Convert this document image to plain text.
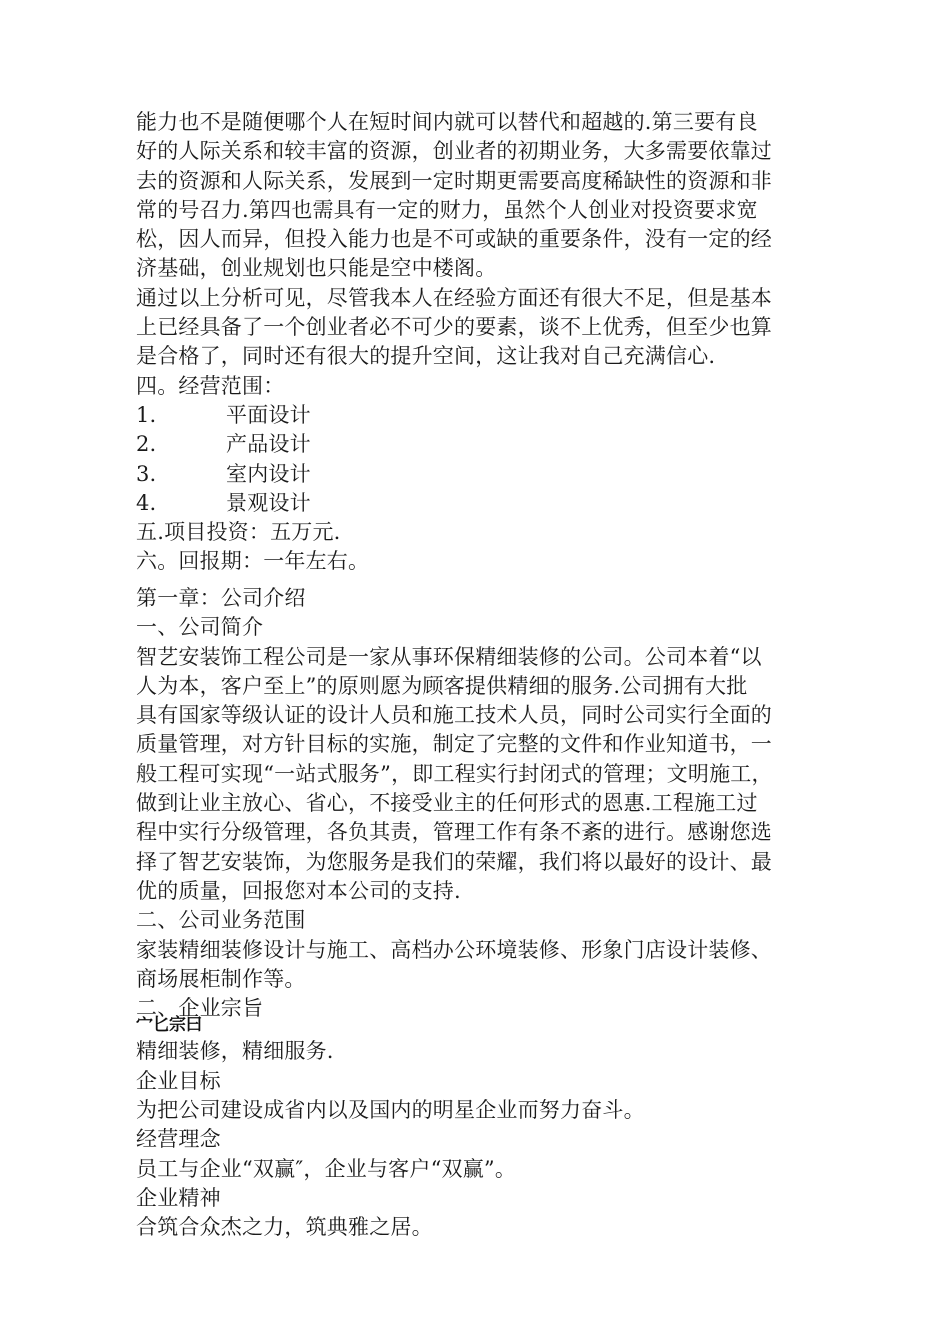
能力也不是随便哪个人在短时间内就可以替代和超越的.第三要有良
好的人际关系和较丰富的资源，创业者的初期业务，大多需要依靠过
去的资源和人际关系，发展到一定时期更需要高度稀缺性的资源和非
常的号召力.第四也需具有一定的财力，虽然个人创业对投资要求宽
松，因人而异，但投入能力也是不可或缺的重要条件，没有一定的经
济基础，创业规划也只能是空中楼阁。
通过以上分析可见，尽管我本人在经验方面还有很大不足，但是基本
上已经具备了一个创业者必不可少的要素，谈不上优秀，但至少也算
是合格了，同时还有很大的提升空间，这让我对自己充满信心.
四。经营范围：
1.	平面设计
2.	产品设计
3.	室内设计
4.	景观设计
五.项目投资：五万元.
六。回报期：一年左右。
第一章：公司介绍
一、公司简介
智艺安装饰工程公司是一家从事环保精细装修的公司。公司本着“以
人为本，客户至上”的原则愿为顾客提供精细的服务.公司拥有大批
具有国家等级认证的设计人员和施工技术人员，同时公司实行全面的
质量管理，对方针目标的实施，制定了完整的文件和作业知道书，一
般工程可实现“一站式服务”，即工程实行封闭式的管理；文明施工，
做到让业主放心、省心，不接受业主的任何形式的恩惠.工程施工过
程中实行分级管理，各负其责，管理工作有条不紊的进行。感谢您选
择了智艺安装饰，为您服务是我们的荣耀，我们将以最好的设计、最
优的质量，回报您对本公司的支持.
二、公司业务范围
家装精细装修设计与施工、高档办公环境装修、形象门店设计装修、
商场展柜制作等。
二、企业宗旨
宀匕宗曰
精细装修，精细服务.
企业目标
为把公司建设成省内以及国内的明星企业而努力奋斗。
经营理念
员工与企业“双赢″，企业与客户“双赢”。
企业精神
合筑合众杰之力，筑典雅之居。
